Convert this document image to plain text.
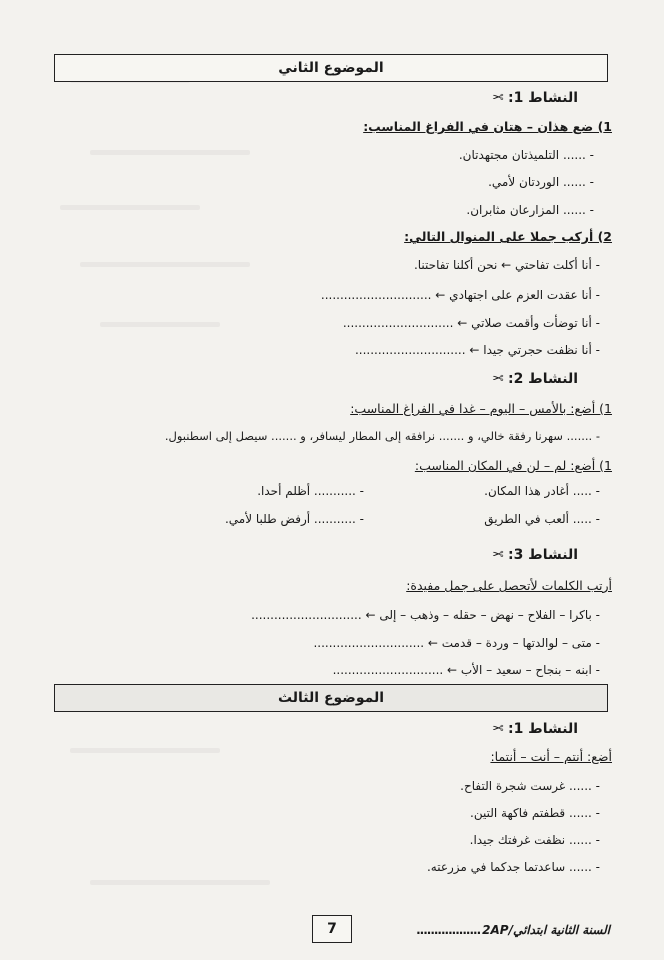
الموضوع الثاني
النشاط 1:
✂
1) ضع هذان – هتان في الفراغ المناسب:
- ...... التلميذتان مجتهدتان.
- ...... الوردتان لأمي.
- ...... المزارعان مثابران.
2) أركب جملا على المنوال التالي:
- أنا أكلت تفاحتي ← نحن أكلنا تفاحتنا.
- أنا عقدت العزم على اجتهادي ← .............................
- أنا توضأت وأقمت صلاتي ← .............................
- أنا نظفت حجرتي جيدا ← .............................
النشاط 2:
✂
1) أضع: بالأمس – اليوم – غدا في الفراغ المناسب:
- ....... سهرنا رفقة خالي، و ....... نرافقه إلى المطار ليسافر، و ....... سيصل إلى اسطنبول.
1) أضع: لم – لن في المكان المناسب:
- ..... أغادر هذا المكان.
- ........... أظلم أحدا.
- ..... ألعب في الطريق
- ........... أرفض طلبا لأمي.
النشاط 3:
✂
أرتب الكلمات لأتحصل على جمل مفيدة:
- باكرا – الفلاح – نهض – حقله – وذهب – إلى ← .............................
- متى – لوالدتها – وردة – قدمت ← .............................
- ابنه – بنجاح – سعيد – الأب ← .............................
الموضوع الثالث
النشاط 1:
✂
أضع: أنتم – أنت – أنتما:
- ...... غرست شجرة التفاح.
- ...... قطفتم فاكهة التين.
- ...... نظفت غرفتك جيدا.
- ...... ساعدتما جدكما في مزرعته.
السنة الثانية ابتدائي/
2AP
..................
7
